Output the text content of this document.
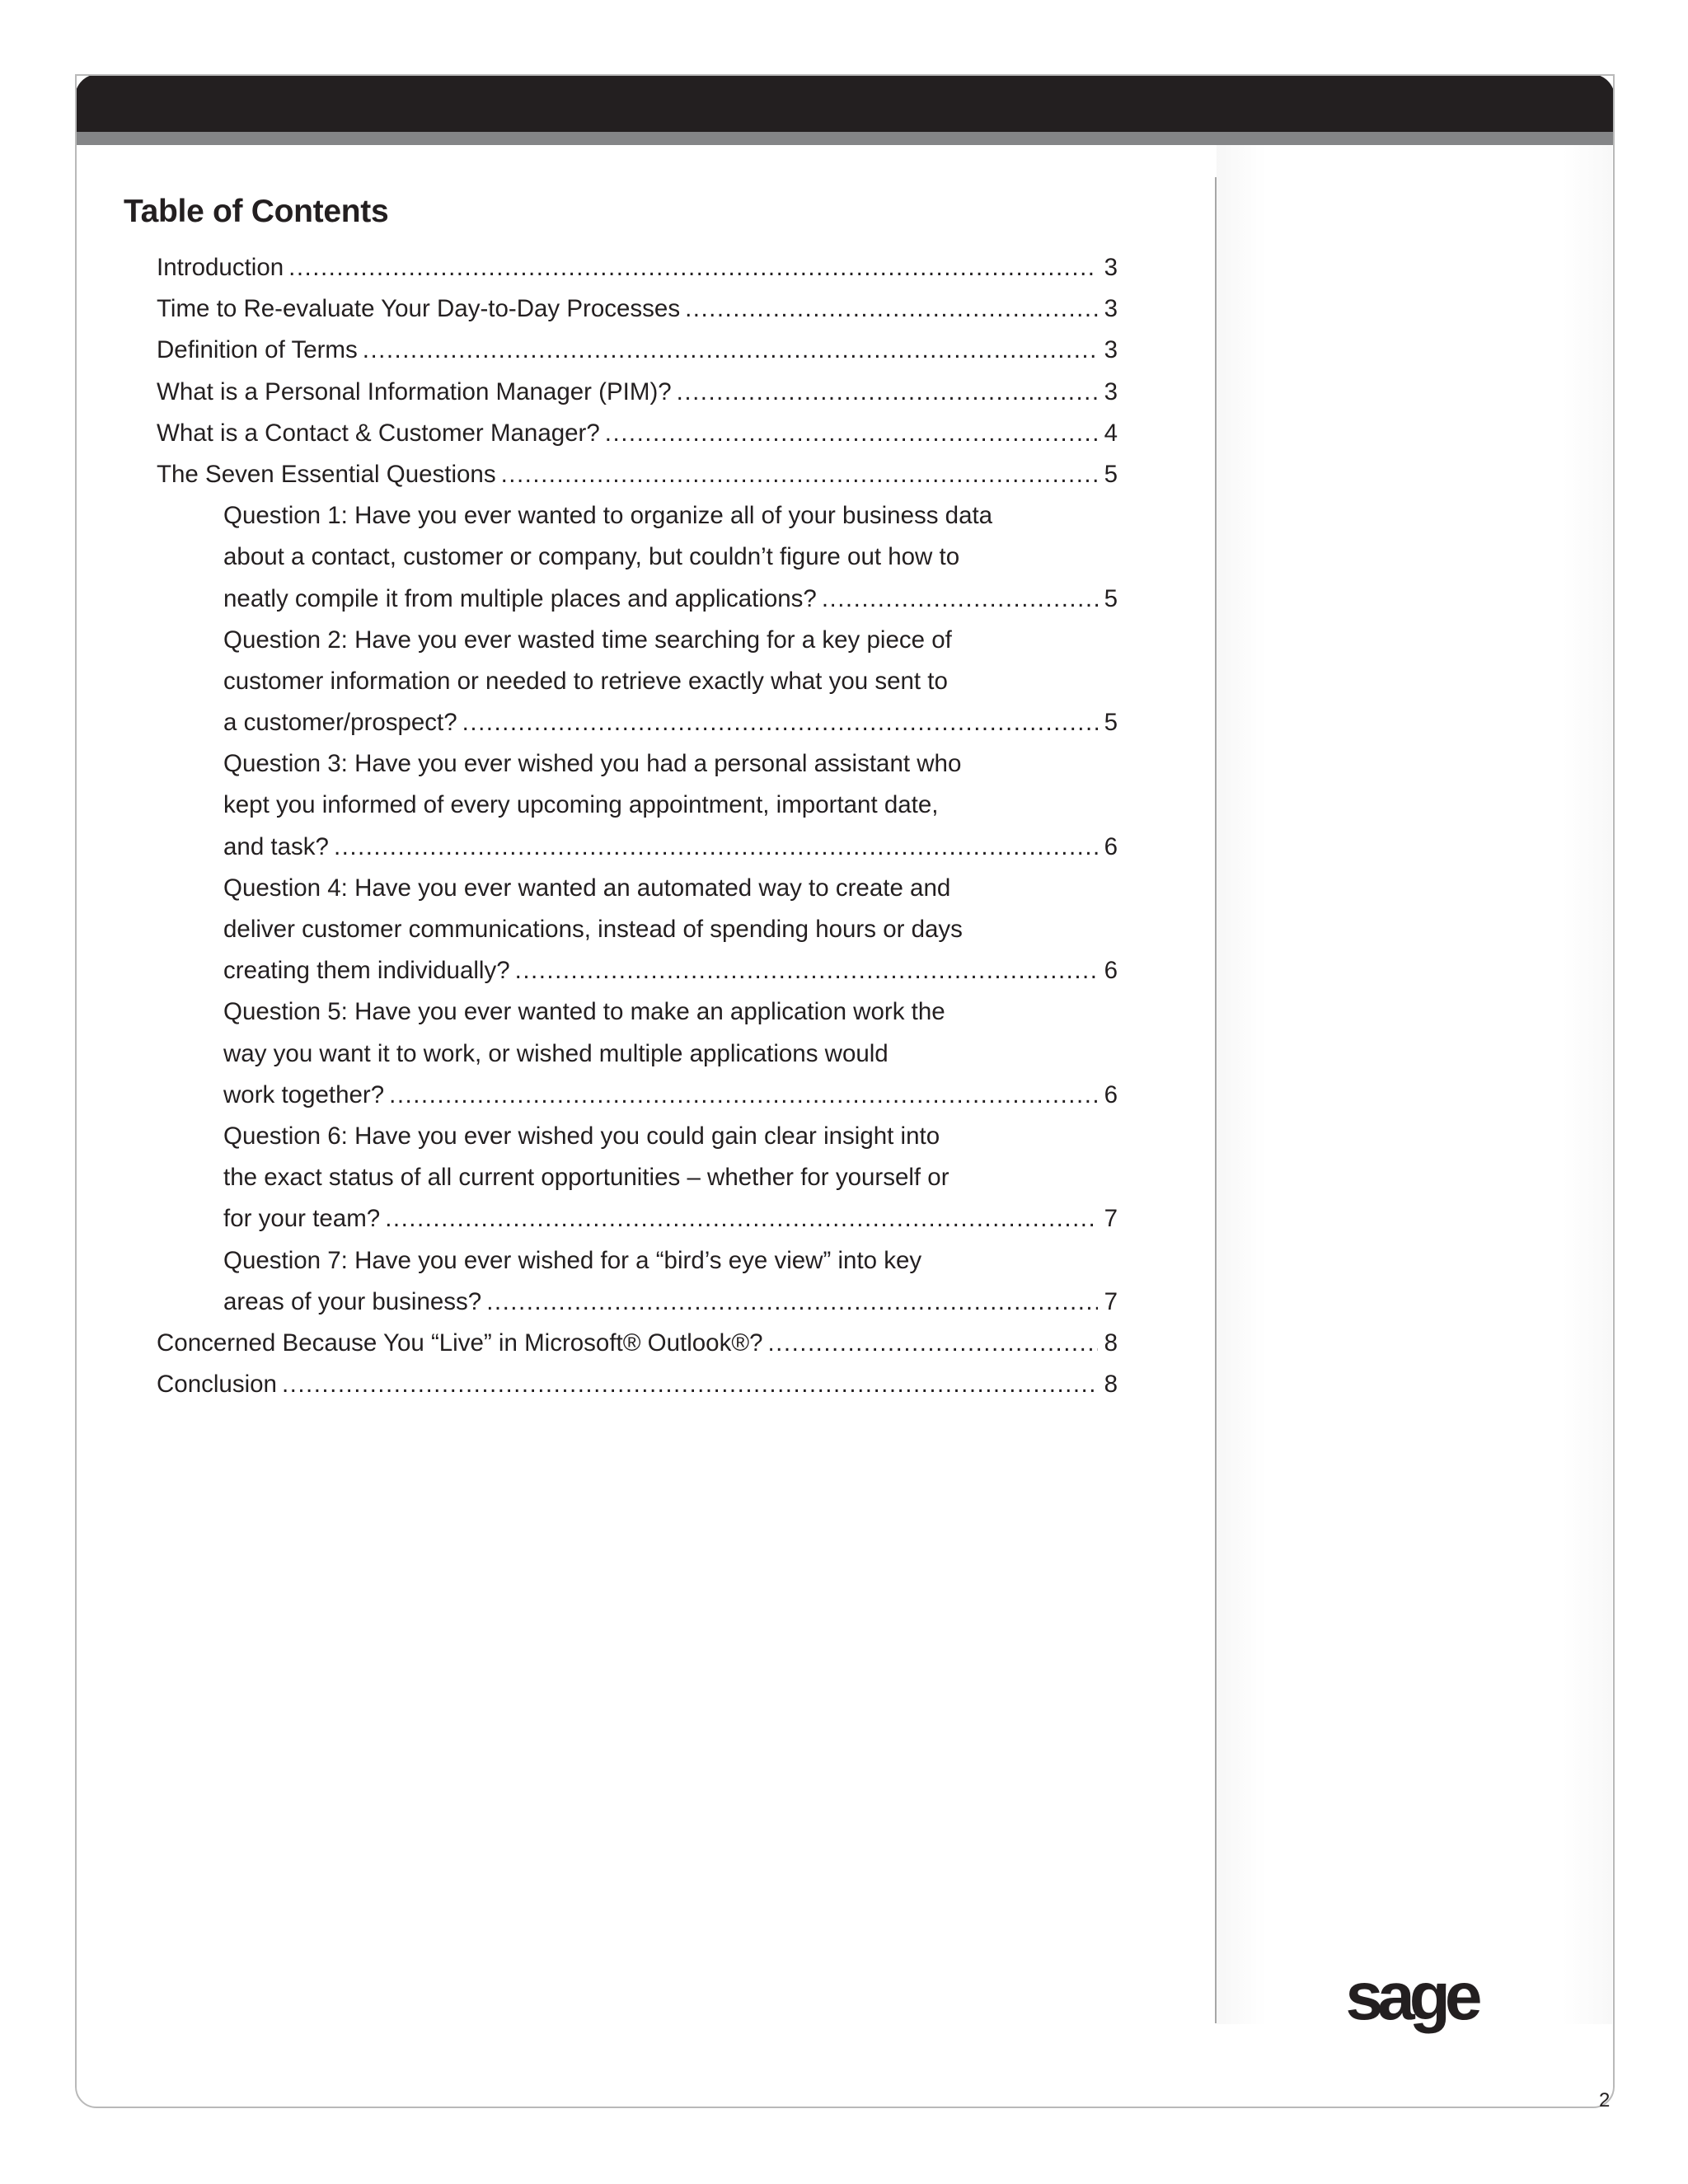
Table of Contents
Introduction .....	3
Time to Re-evaluate Your Day-to-Day Processes .....	3
Definition of Terms .....	3
What is a Personal Information Manager (PIM)? .....	3
What is a Contact & Customer Manager? .....	4
The Seven Essential Questions .....	5
Question 1: Have you ever wanted to organize all of your business data
about a contact, customer or company, but couldn’t figure out how to
neatly compile it from multiple places and applications? .....	5
Question 2: Have you ever wasted time searching for a key piece of
customer information or needed to retrieve exactly what you sent to
a customer/prospect? .....	5
Question 3: Have you ever wished you had a personal assistant who
kept you informed of every upcoming appointment, important date,
and task? .....	6
Question 4: Have you ever wanted an automated way to create and
deliver customer communications, instead of spending hours or days
creating them individually? .....	6
Question 5: Have you ever wanted to make an application work the
way you want it to work, or wished multiple applications would
work together? .....	6
Question 6: Have you ever wished you could gain clear insight into
the exact status of all current opportunities – whether for yourself or
for your team? .....	7
Question 7: Have you ever wished for a “bird’s eye view” into key
areas of your business? .....	7
Concerned Because You “Live” in Microsoft® Outlook®? .....	8
Conclusion .....	8
sage
2
